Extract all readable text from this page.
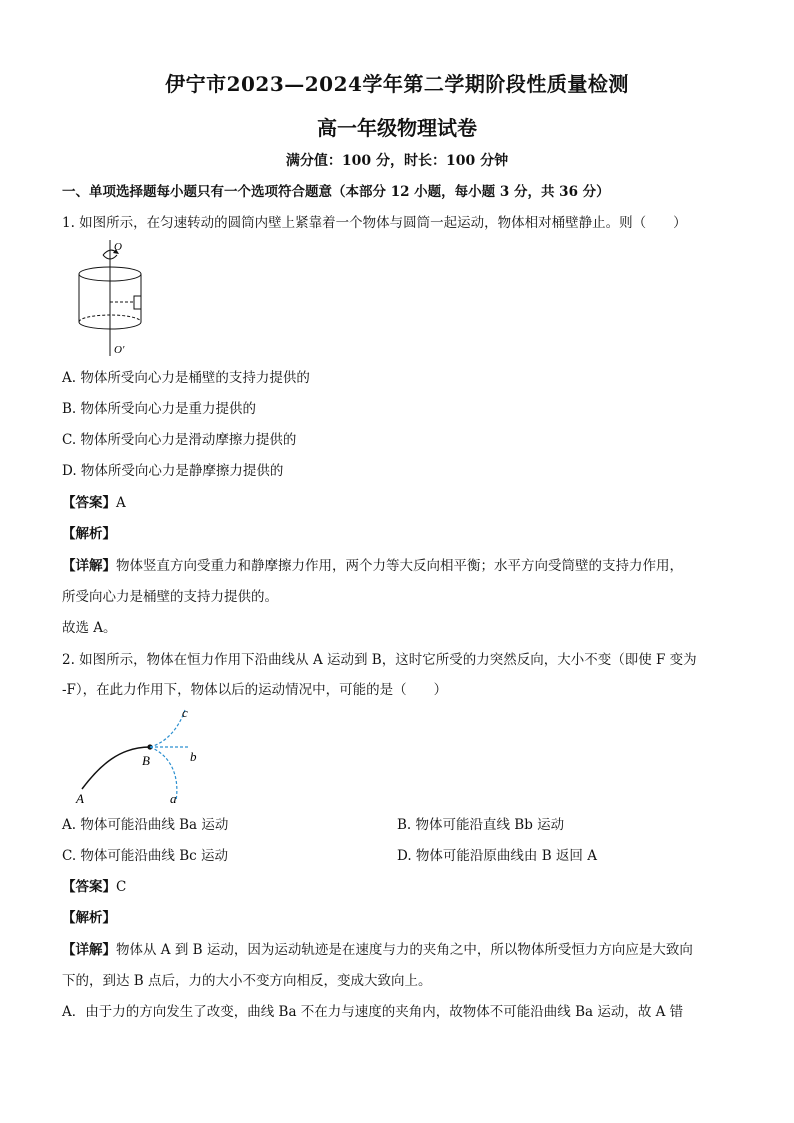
伊宁市2023—2024学年第二学期阶段性质量检测
高一年级物理试卷
满分值：100 分，时长：100 分钟
一、单项选择题每小题只有一个选项符合题意（本部分 12 小题，每小题 3 分，共 36 分）
1. 如图所示，在匀速转动的圆筒内壁上紧靠着一个物体与圆筒一起运动，物体相对桶壁静止。则（　　）
O
O′
A. 物体所受向心力是桶壁的支持力提供的
B. 物体所受向心力是重力提供的
C. 物体所受向心力是滑动摩擦力提供的
D. 物体所受向心力是静摩擦力提供的
【答案】A
【解析】
【详解】物体竖直方向受重力和静摩擦力作用，两个力等大反向相平衡；水平方向受筒壁的支持力作用，
所受向心力是桶壁的支持力提供的。
故选 A。
2. 如图所示，物体在恒力作用下沿曲线从 A 运动到 B，这时它所受的力突然反向，大小不变（即使 F 变为
-F），在此力作用下，物体以后的运动情况中，可能的是（　　）
A
B
a
b
c
A. 物体可能沿曲线 Ba 运动	B. 物体可能沿直线 Bb 运动
C. 物体可能沿曲线 Bc 运动	D. 物体可能沿原曲线由 B 返回 A
【答案】C
【解析】
【详解】物体从 A 到 B 运动，因为运动轨迹是在速度与力的夹角之中，所以物体所受恒力方向应是大致向
下的，到达 B 点后，力的大小不变方向相反，变成大致向上。
A．由于力的方向发生了改变，曲线 Ba 不在力与速度的夹角内，故物体不可能沿曲线 Ba 运动，故 A 错
